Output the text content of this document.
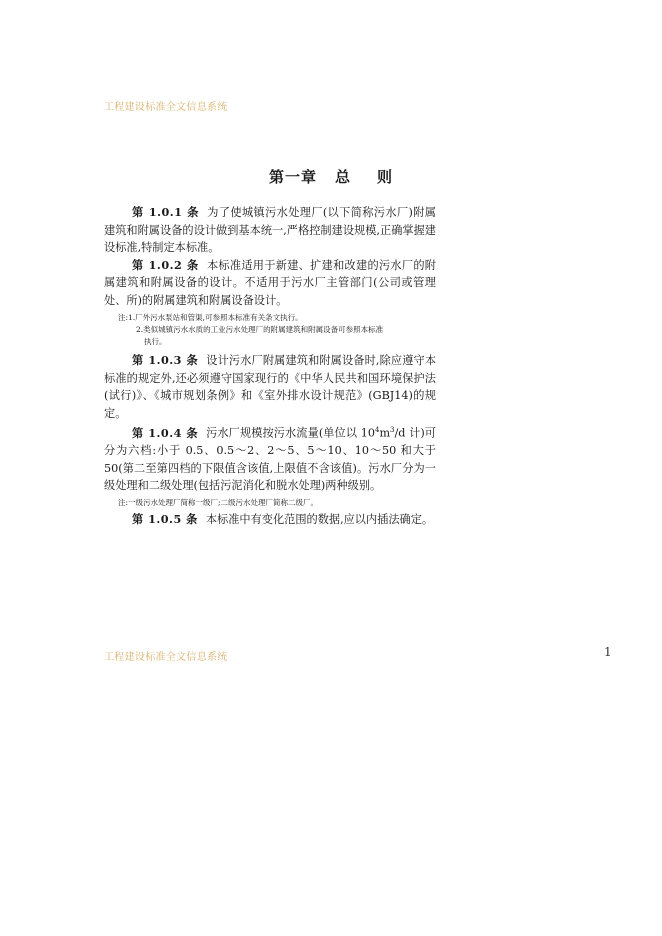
工程建设标准全文信息系统
第一章 总 则

第 1.0.1 条 为了使城镇污水处理厂(以下简称污水厂)附属建筑和附属设备的设计做到基本统一,严格控制建设规模,正确掌握建设标准,特制定本标准。

第 1.0.2 条 本标准适用于新建、扩建和改建的污水厂的附属建筑和附属设备的设计。不适用于污水厂主管部门(公司或管理处、所)的附属建筑和附属设备设计。

注:1.厂外污水泵站和管渠,可参照本标准有关条文执行。
2.类似城镇污水水质的工业污水处理厂的附属建筑和附属设备可参照本标准
执行。

第 1.0.3 条 设计污水厂附属建筑和附属设备时,除应遵守本标准的规定外,还必须遵守国家现行的《中华人民共和国环境保护法(试行)》、《城市规划条例》和《室外排水设计规范》(GBJ14)的规定。

第 1.0.4 条 污水厂规模按污水流量(单位以 $10^4m^3/d$ 计)可分为六档:小于 0.5、0.5～2、2～5、5～10、10～50 和大于 50(第二至第四档的下限值含该值,上限值不含该值)。污水厂分为一级处理和二级处理(包括污泥消化和脱水处理)两种级别。

注:一级污水处理厂简称一级厂;二级污水处理厂简称二级厂。

第 1.0.5 条 本标准中有变化范围的数据,应以内插法确定。

工程建设标准全文信息系统	1
